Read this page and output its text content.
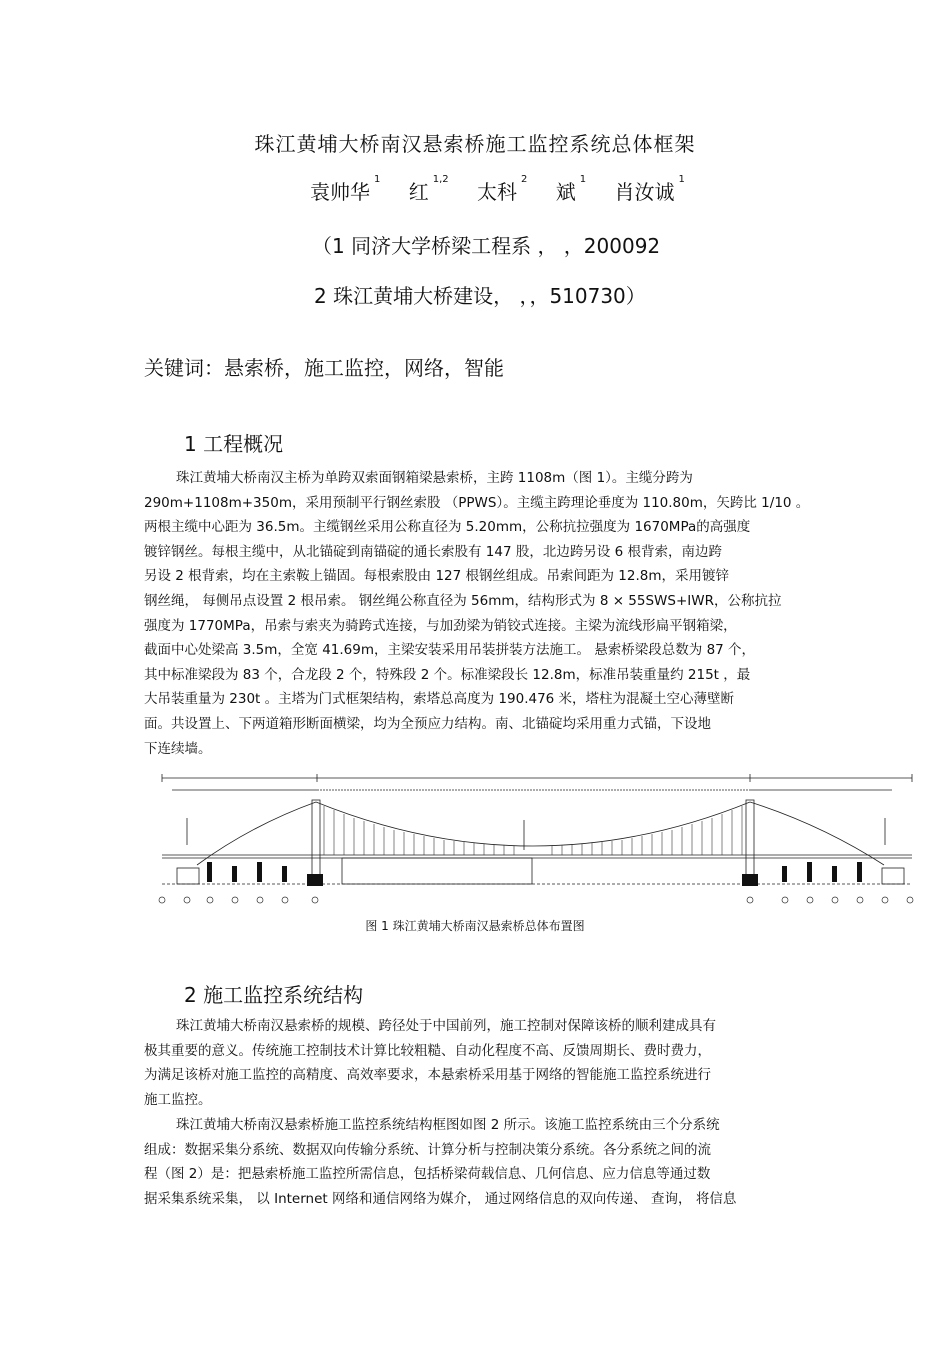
珠江黄埔大桥南汉悬索桥施工监控系统总体框架
袁帅华$^1$ 红$^{1,2}$ 太科$^2$ 斌$^1$ 肖汝诚$^1$
（1 同济大学桥梁工程系 ， ，200092
2 珠江黄埔大桥建设， ，，510730）
关键词：悬索桥，施工监控，网络，智能
1 工程概况
珠江黄埔大桥南汉主桥为单跨双索面钢箱梁悬索桥，主跨 1108m（图 1）。主缆分跨为
290m+1108m+350m，采用预制平行钢丝索股 （PPWS）。主缆主跨理论垂度为 110.80m，矢跨比 1/10 。
两根主缆中心距为 36.5m。主缆钢丝采用公称直径为 5.20mm，公称抗拉强度为 1670MPa的高强度
镀锌钢丝。每根主缆中，从北锚碇到南锚碇的通长索股有 147 股，北边跨另设 6 根背索，南边跨
另设 2 根背索，均在主索鞍上锚固。每根索股由 127 根钢丝组成。吊索间距为 12.8m，采用镀锌
钢丝绳， 每侧吊点设置 2 根吊索。 钢丝绳公称直径为 56mm，结构形式为 8 × 55SWS+IWR，公称抗拉
强度为 1770MPa，吊索与索夹为骑跨式连接，与加劲梁为销铰式连接。主梁为流线形扁平钢箱梁，
截面中心处梁高 3.5m，全宽 41.69m，主梁安装采用吊装拼装方法施工。 悬索桥梁段总数为 87 个，
其中标准梁段为 83 个，合龙段 2 个，特殊段 2 个。标准梁段长 12.8m，标准吊装重量约 215t ，最
大吊装重量为 230t 。主塔为门式框架结构，索塔总高度为 190.476 米，塔柱为混凝土空心薄壁断
面。共设置上、下两道箱形断面横梁，均为全预应力结构。南、北锚碇均采用重力式锚，下设地
下连续墙。
图 1 珠江黄埔大桥南汉悬索桥总体布置图
2 施工监控系统结构
珠江黄埔大桥南汉悬索桥的规模、跨径处于中国前列，施工控制对保障该桥的顺利建成具有
极其重要的意义。传统施工控制技术计算比较粗糙、自动化程度不高、反馈周期长、费时费力，
为满足该桥对施工监控的高精度、高效率要求，本悬索桥采用基于网络的智能施工监控系统进行
施工监控。
珠江黄埔大桥南汉悬索桥施工监控系统结构框图如图 2 所示。该施工监控系统由三个分系统
组成：数据采集分系统、数据双向传输分系统、计算分析与控制决策分系统。各分系统之间的流
程（图 2）是：把悬索桥施工监控所需信息，包括桥梁荷载信息、几何信息、应力信息等通过数
据采集系统采集， 以 Internet 网络和通信网络为媒介， 通过网络信息的双向传递、 查询， 将信息
